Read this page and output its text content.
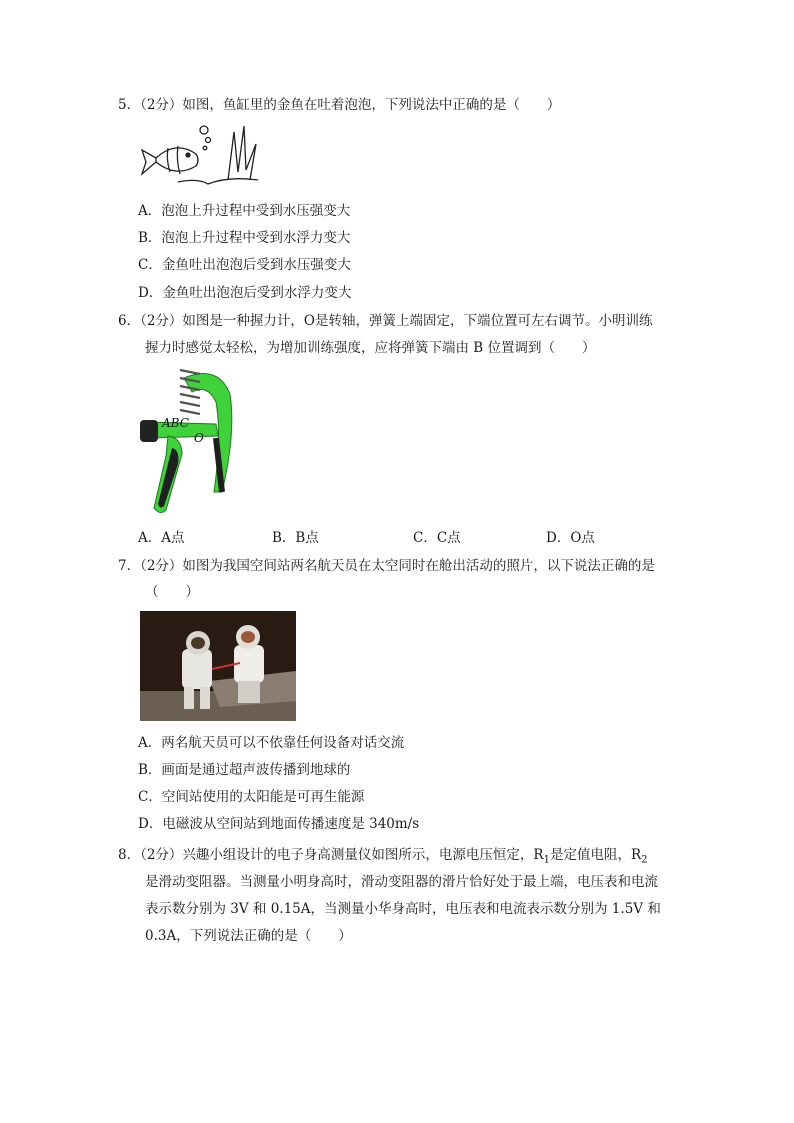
5．（2分）如图，鱼缸里的金鱼在吐着泡泡，下列说法中正确的是（　　）
A．泡泡上升过程中受到水压强变大
B．泡泡上升过程中受到水浮力变大
C．金鱼吐出泡泡后受到水压强变大
D．金鱼吐出泡泡后受到水浮力变大
6．（2分）如图是一种握力计，O是转轴，弹簧上端固定，下端位置可左右调节。小明训练
握力时感觉太轻松，为增加训练强度，应将弹簧下端由 B 位置调到（　　）
ABC
O
A．A点	B．B点	C．C点	D．O点
7．（2分）如图为我国空间站两名航天员在太空同时在舱出活动的照片，以下说法正确的是
（　　）
A．两名航天员可以不依靠任何设备对话交流
B．画面是通过超声波传播到地球的
C．空间站使用的太阳能是可再生能源
D．电磁波从空间站到地面传播速度是 340m/s
8．（2分）兴趣小组设计的电子身高测量仪如图所示，电源电压恒定，$R_1$是定值电阻，$R_2$
是滑动变阻器。当测量小明身高时，滑动变阻器的滑片恰好处于最上端，电压表和电流
表示数分别为 3V 和 0.15A，当测量小华身高时，电压表和电流表示数分别为 1.5V 和
0.3A，下列说法正确的是（　　）
